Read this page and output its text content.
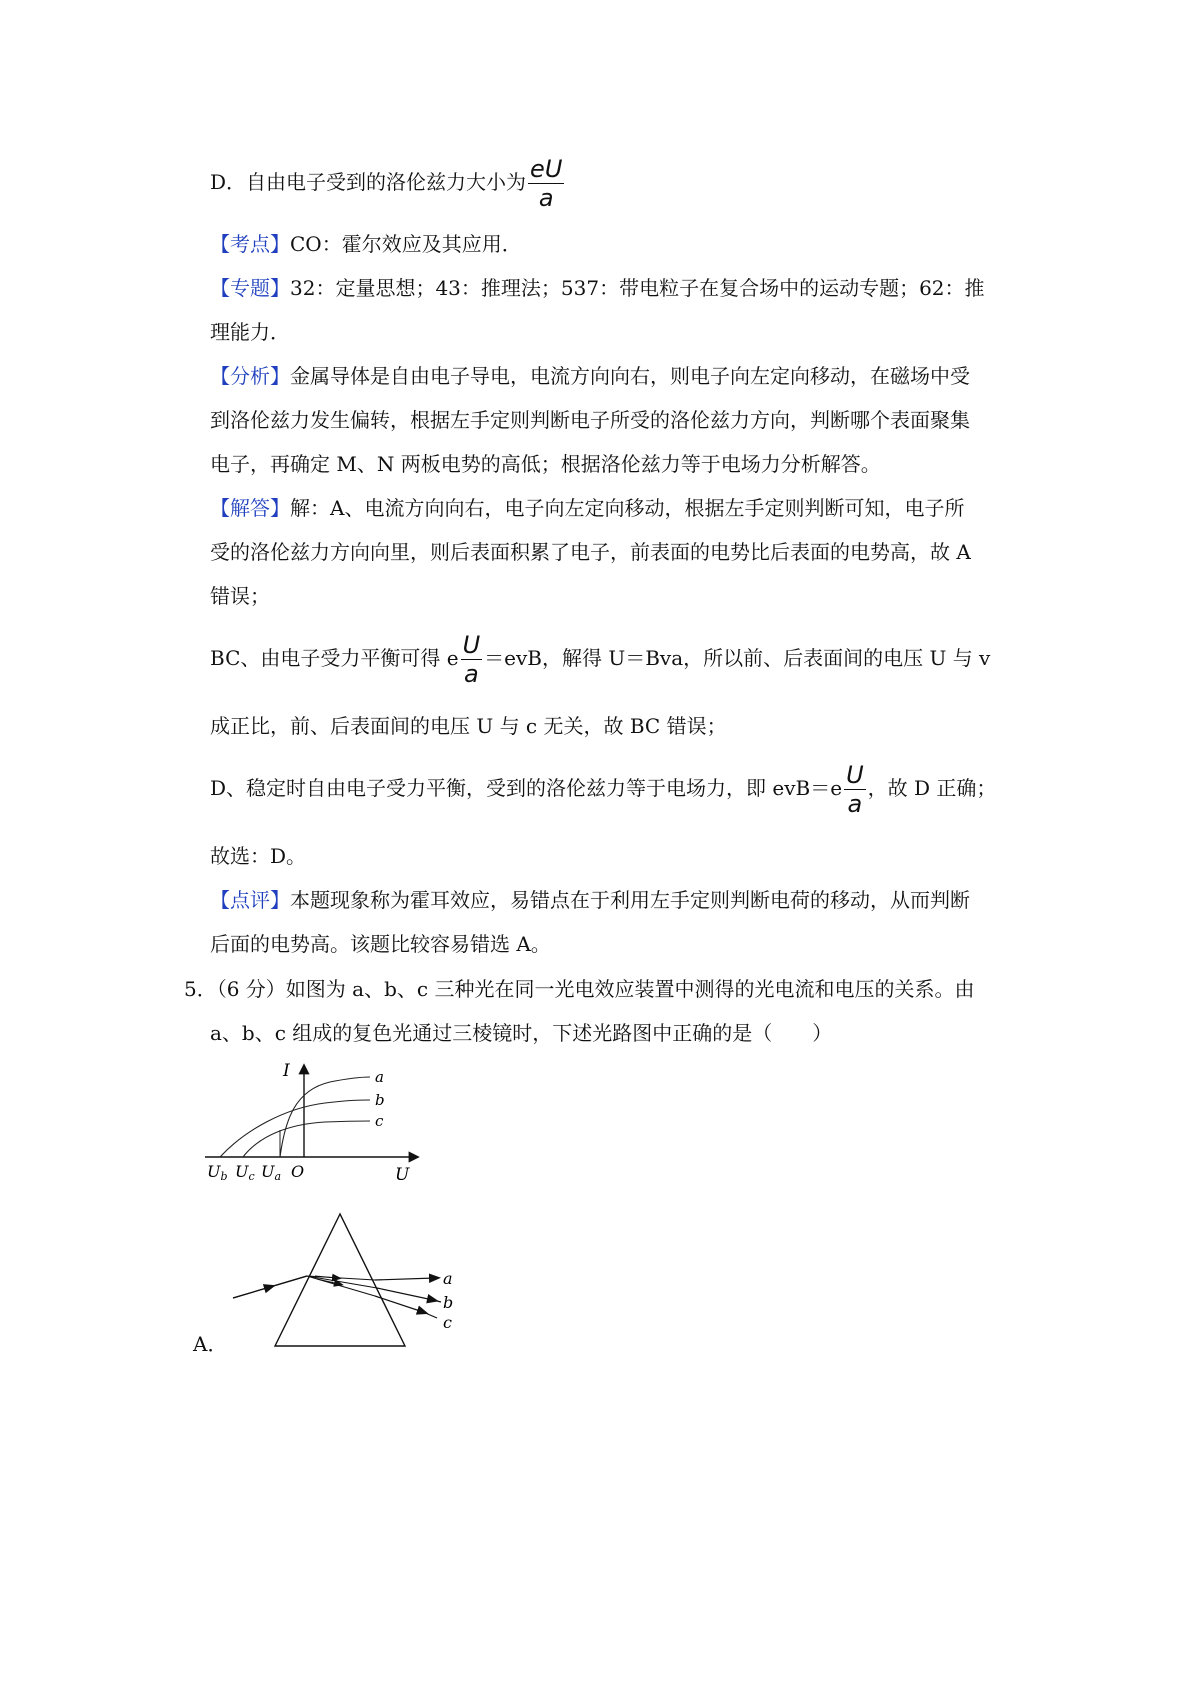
D．自由电子受到的洛伦兹力大小为 $\frac{eU}{a}$
【考点】CO：霍尔效应及其应用．
【专题】32：定量思想；43：推理法；537：带电粒子在复合场中的运动专题；62：推
理能力．
【分析】金属导体是自由电子导电，电流方向向右，则电子向左定向移动，在磁场中受
到洛伦兹力发生偏转，根据左手定则判断电子所受的洛伦兹力方向，判断哪个表面聚集
电子，再确定 M、N 两板电势的高低；根据洛伦兹力等于电场力分析解答。
【解答】解：A、电流方向向右，电子向左定向移动，根据左手定则判断可知，电子所
受的洛伦兹力方向向里，则后表面积累了电子，前表面的电势比后表面的电势高，故 A
错误；
BC、由电子受力平衡可得 e $\frac{U}{a} =evB$，解得 U＝Bva，所以前、后表面间的电压 U 与 v
成正比，前、后表面间的电压 U 与 c 无关，故 BC 错误；
D、稳定时自由电子受力平衡，受到的洛伦兹力等于电场力，即 $evB=e \frac{U}{a}$ ，故 D 正确；
故选：D。
【点评】本题现象称为霍耳效应，易错点在于利用左手定则判断电荷的移动，从而判断
后面的电势高。该题比较容易错选 A。
5．（6 分）如图为 a、b、c 三种光在同一光电效应装置中测得的光电流和电压的关系。由
a、b、c 组成的复色光通过三棱镜时，下述光路图中正确的是（　　）
I
U
a
b
c
Ub Uc Ua O
a
b
c
A．
